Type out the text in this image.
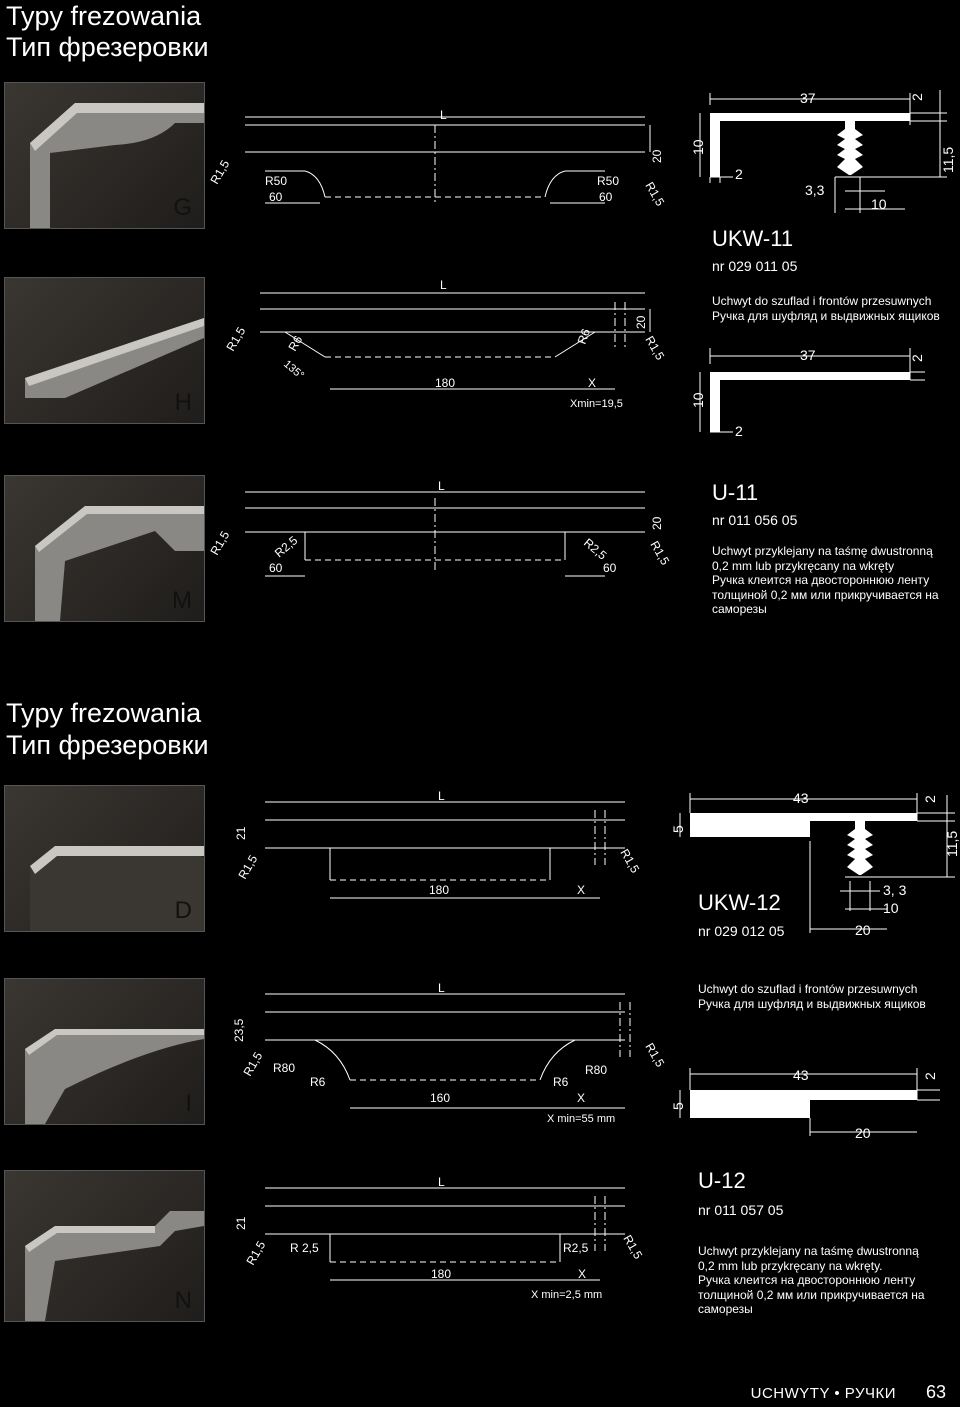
Typy frezowania
Тип фрезеровки
G
H
M
Typy frezowania
Тип фрезеровки
D
I
N
L
R1,5
R1,5
R50	R50
60	60
20
L
R1,5	R1,5
R6	R6
135°
180	X
Xmin=19,5
20
L
R1,5	R1,5
R2,5	R2,5
60	60
20
L
R1,5	R1,5
21
180	X
L
R1,5	R1,5
23,5
R80	R80
R6	R6
160	X
X min=55 mm
L
R1,5	R1,5
21
R 2,5	R2,5
180	X
X min=2,5 mm
37	2
10	11,5
2
3,3
10
UKW-11
nr 029 011 05
Uchwyt do szuflad i frontów przesuwnych
Ручка для шуфляд и выдвижных ящиков
37	2
10
2
U-11
nr 011 056 05
Uchwyt przyklejany na taśmę dwustronną
0,2 mm lub przykręcany na wkręty
Ручка клеится на двостороннюю ленту
толщиной 0,2 мм или прикручивается на
саморезы
43	2
5
11,5
3, 3
10
20
UKW-12
nr 029 012 05
Uchwyt do szuflad i frontów przesuwnych
Ручка для шуфляд и выдвижных ящиков
43	2
5
20
U-12
nr 011 057 05
Uchwyt przyklejany na taśmę dwustronną
0,2 mm lub przykręcany na wkręty.
Ручка клеится на двостороннюю ленту
толщиной 0,2 мм или прикручивается на
саморезы
UCHWYTY • РУЧКИ 63
